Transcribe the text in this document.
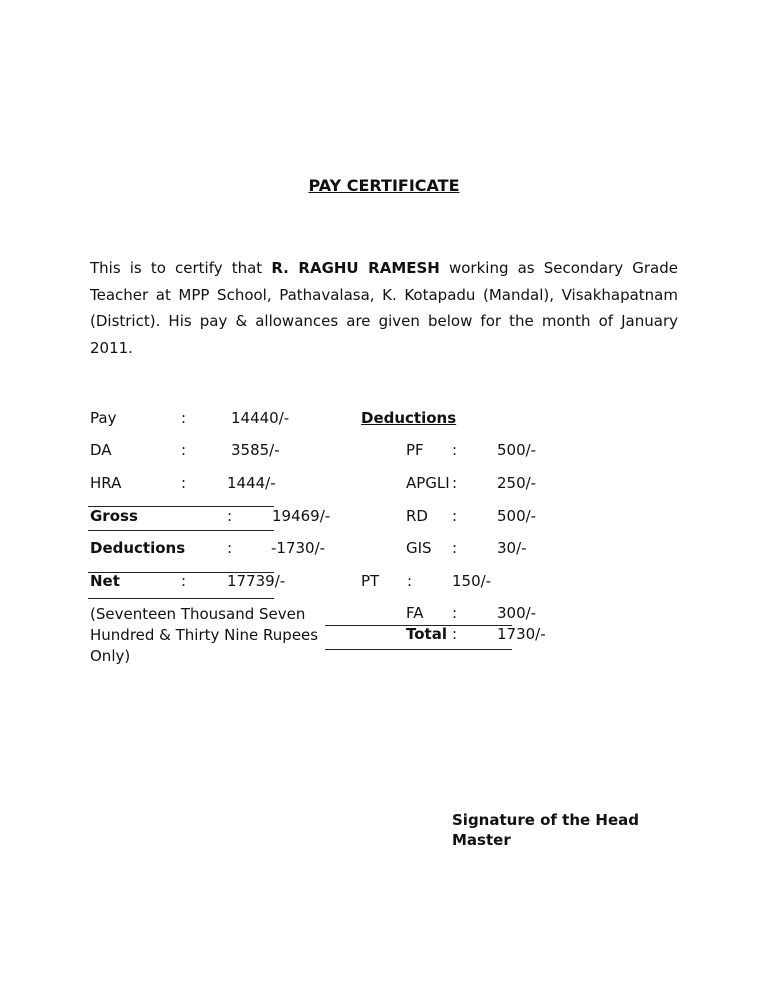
PAY CERTIFICATE
This is to certify that R. RAGHU RAMESH working as Secondary Grade Teacher at MPP School, Pathavalasa, K. Kotapadu (Mandal), Visakhapatnam (District). His pay & allowances are given below for the month of January 2011.
Pay	:	14440/-
DA	:	3585/-
HRA	:	1444/-
Gross	:	19469/-
Deductions	:	-1730/-
Net	:	17739/-
(Seventeen Thousand Seven Hundred & Thirty Nine Rupees Only)
Deductions
PF :	500/-
APGLI :	250/-
RD :	500/-
GIS :	30/-
PT :	150/-
FA :	300/-
Total :	1730/-
Signature of the Head Master
